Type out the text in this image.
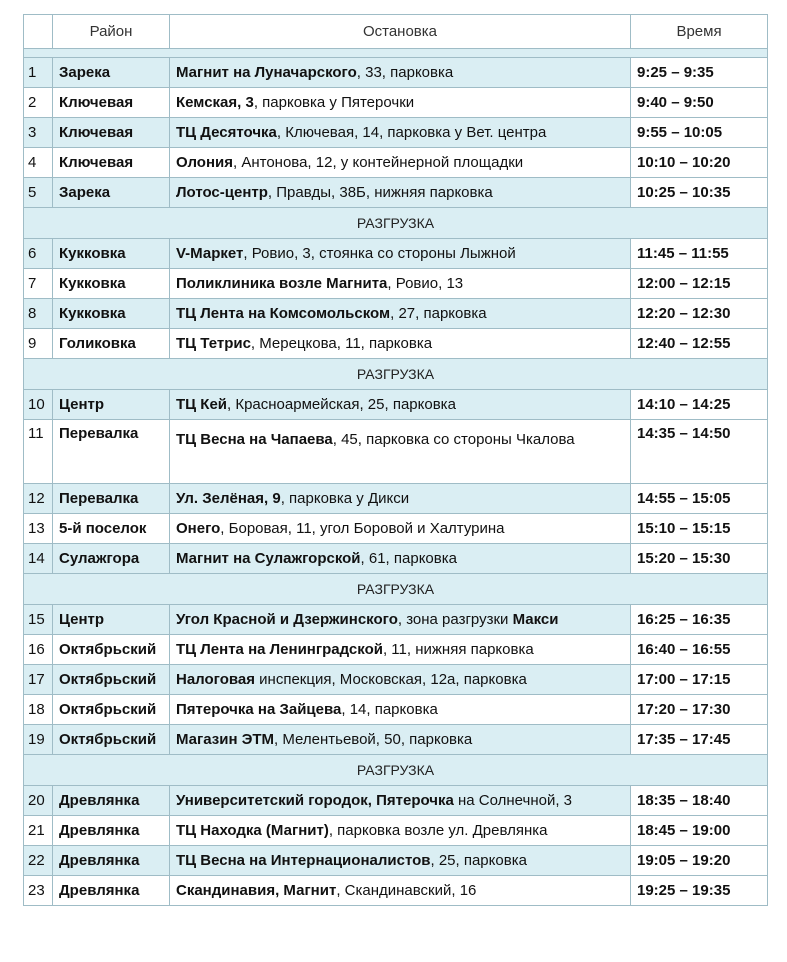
	Район	Остановка	Время

1	Зарека	Магнит на Луначарского, 33, парковка	9:25 – 9:35
2	Ключевая	Кемская, 3, парковка у Пятерочки	9:40 – 9:50
3	Ключевая	ТЦ Десяточка, Ключевая, 14, парковка у Вет. центра	9:55 – 10:05
4	Ключевая	Олония, Антонова, 12, у контейнерной площадки	10:10 – 10:20
5	Зарека	Лотос-центр, Правды, 38Б, нижняя парковка	10:25 – 10:35
РАЗГРУЗКА			
6	Кукковка	V-Маркет, Ровио, 3, стоянка со стороны Лыжной	11:45 – 11:55
7	Кукковка	Поликлиника возле Магнита, Ровио, 13	12:00 – 12:15
8	Кукковка	ТЦ Лента на Комсомольском, 27, парковка	12:20 – 12:30
9	Голиковка	ТЦ Тетрис, Мерецкова, 11, парковка	12:40 – 12:55
РАЗГРУЗКА			
10	Центр	ТЦ Кей, Красноармейская, 25, парковка	14:10 – 14:25
11	Перевалка	ТЦ Весна на Чапаева, 45, парковка со стороны Чкалова	14:35 – 14:50
12	Перевалка	Ул. Зелёная, 9, парковка у Дикси	14:55 – 15:05
13	5-й поселок	Онего, Боровая, 11, угол Боровой и Халтурина	15:10 – 15:15
14	Сулажгора	Магнит на Сулажгорской, 61, парковка	15:20 – 15:30
РАЗГРУЗКА			
15	Центр	Угол Красной и Дзержинского, зона разгрузки Макси	16:25 – 16:35
16	Октябрьский	ТЦ Лента на Ленинградской, 11, нижняя парковка	16:40 – 16:55
17	Октябрьский	Налоговая инспекция, Московская, 12а, парковка	17:00 – 17:15
18	Октябрьский	Пятерочка на Зайцева, 14, парковка	17:20 – 17:30
19	Октябрьский	Магазин ЭТМ, Мелентьевой, 50, парковка	17:35 – 17:45
РАЗГРУЗКА			
20	Древлянка	Университетский городок, Пятерочка на Солнечной, 3	18:35 – 18:40
21	Древлянка	ТЦ Находка (Магнит), парковка возле ул. Древлянка	18:45 – 19:00
22	Древлянка	ТЦ Весна на Интернационалистов, 25, парковка	19:05 – 19:20
23	Древлянка	Скандинавия, Магнит, Скандинавский, 16	19:25 – 19:35
